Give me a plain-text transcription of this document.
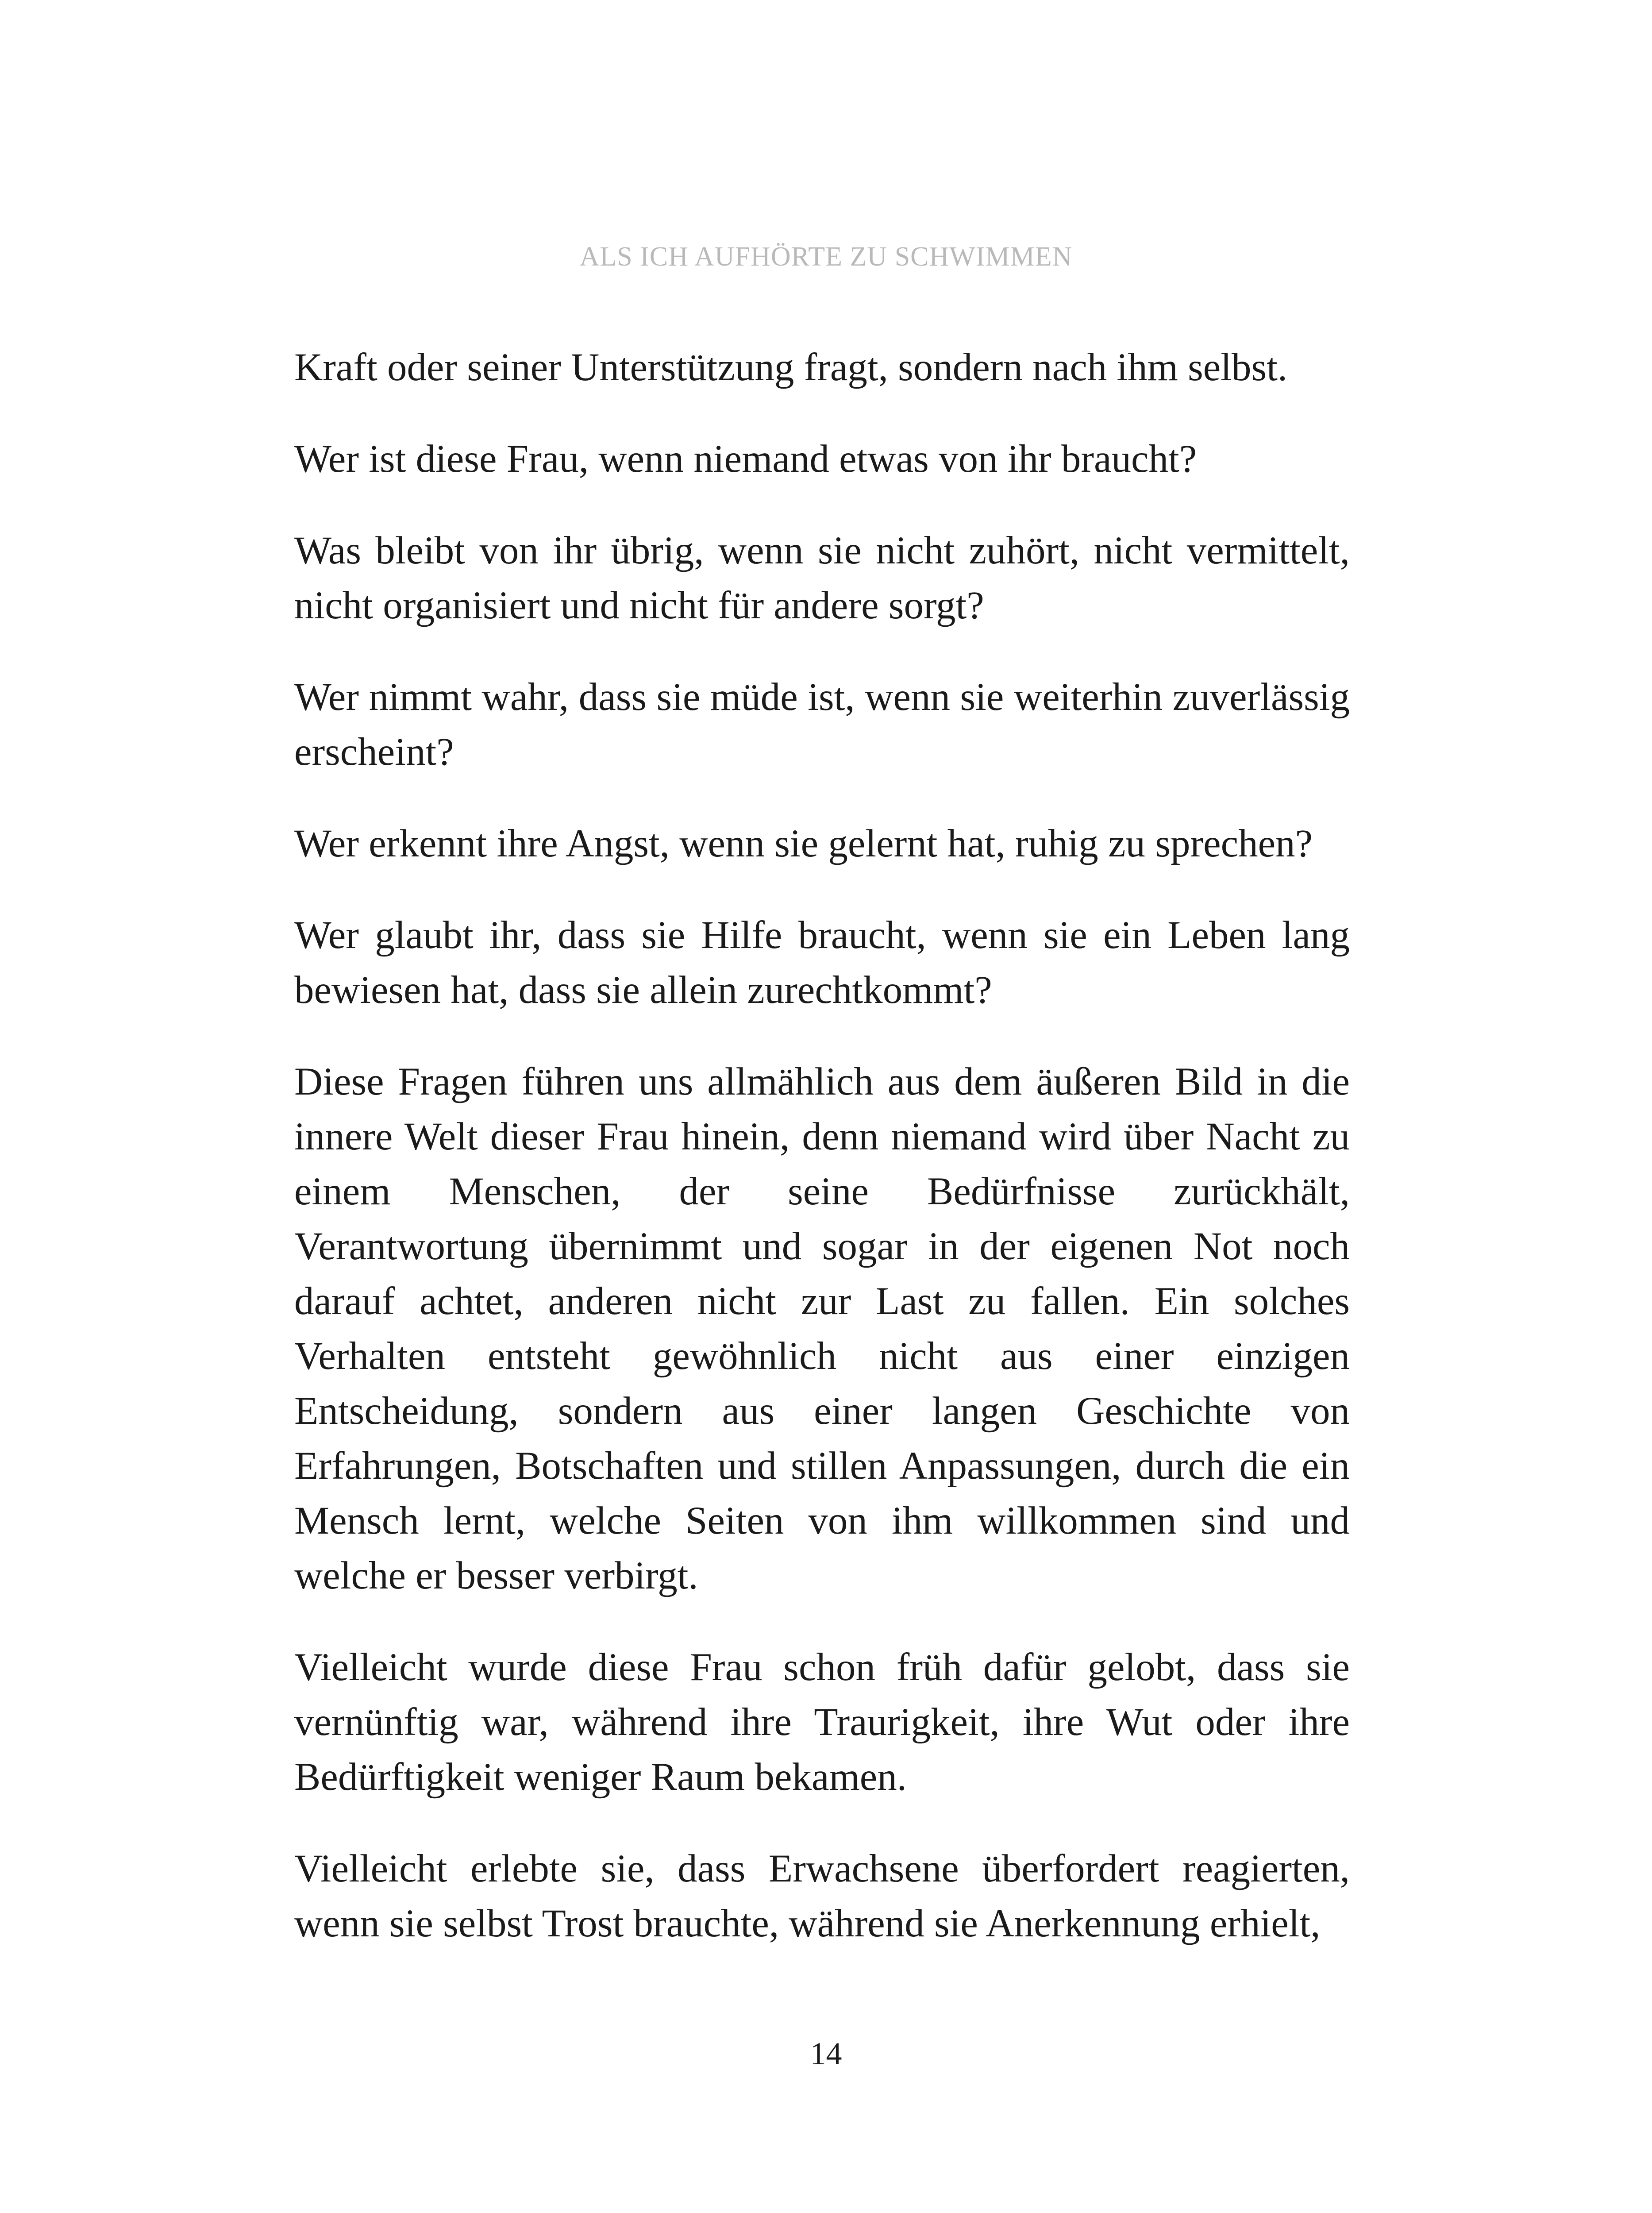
ALS ICH AUFHÖRTE ZU SCHWIMMEN

Kraft oder seiner Unterstützung fragt, sondern nach ihm selbst.

Wer ist diese Frau, wenn niemand etwas von ihr braucht?

Was bleibt von ihr übrig, wenn sie nicht zuhört, nicht vermittelt, nicht organisiert und nicht für andere sorgt?

Wer nimmt wahr, dass sie müde ist, wenn sie weiterhin zuverlässig erscheint?

Wer erkennt ihre Angst, wenn sie gelernt hat, ruhig zu sprechen?

Wer glaubt ihr, dass sie Hilfe braucht, wenn sie ein Leben lang bewiesen hat, dass sie allein zurechtkommt?

Diese Fragen führen uns allmählich aus dem äußeren Bild in die innere Welt dieser Frau hinein, denn niemand wird über Nacht zu einem Menschen, der seine Bedürfnisse zurückhält, Verantwortung übernimmt und sogar in der eigenen Not noch darauf achtet, anderen nicht zur Last zu fallen. Ein solches Verhalten entsteht gewöhnlich nicht aus einer einzigen Entscheidung, sondern aus einer langen Geschichte von Erfahrungen, Botschaften und stillen Anpassungen, durch die ein Mensch lernt, welche Seiten von ihm willkommen sind und welche er besser verbirgt.

Vielleicht wurde diese Frau schon früh dafür gelobt, dass sie vernünftig war, während ihre Traurigkeit, ihre Wut oder ihre Bedürftigkeit weniger Raum bekamen.

Vielleicht erlebte sie, dass Erwachsene überfordert reagierten, wenn sie selbst Trost brauchte, während sie Anerkennung erhielt,

14
